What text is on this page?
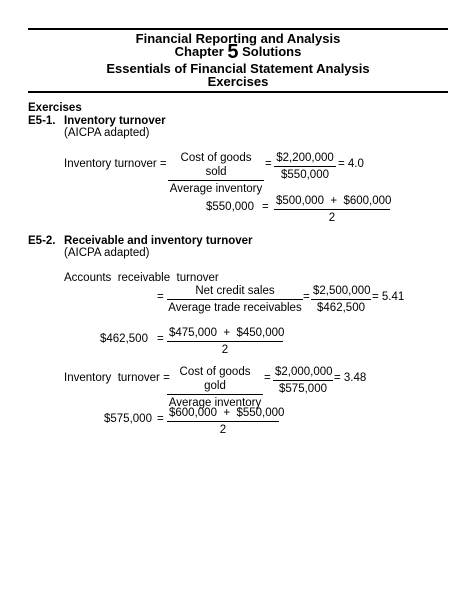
Financial Reporting and Analysis
Chapter 5 Solutions
Essentials of Financial Statement Analysis
Exercises
Exercises
E5-1. Inventory turnover
(AICPA adapted)
Inventory turnover =	Cost of goods sold
Average inventory
= $\frac{\$2,200,000}{\$550,000} = 4.0$
$550,000 = $\frac{\$500,000 + \$600,000}{2}$
E5-2. Receivable and inventory turnover
(AICPA adapted)
Accounts  receivable  turnover
=	Net credit sales
Average trade receivables
= $\frac{\$2,500,000}{\$462,500} = 5.41$
$462,500 = $\frac{\$475,000 + \$450,000}{2}$
Inventory  turnover = Cost of goods gold
Average inventory
= $\frac{\$2,000,000}{\$575,000} = 3.48$
$575,000 = $\frac{\$600,000 + \$550,000}{2}$
